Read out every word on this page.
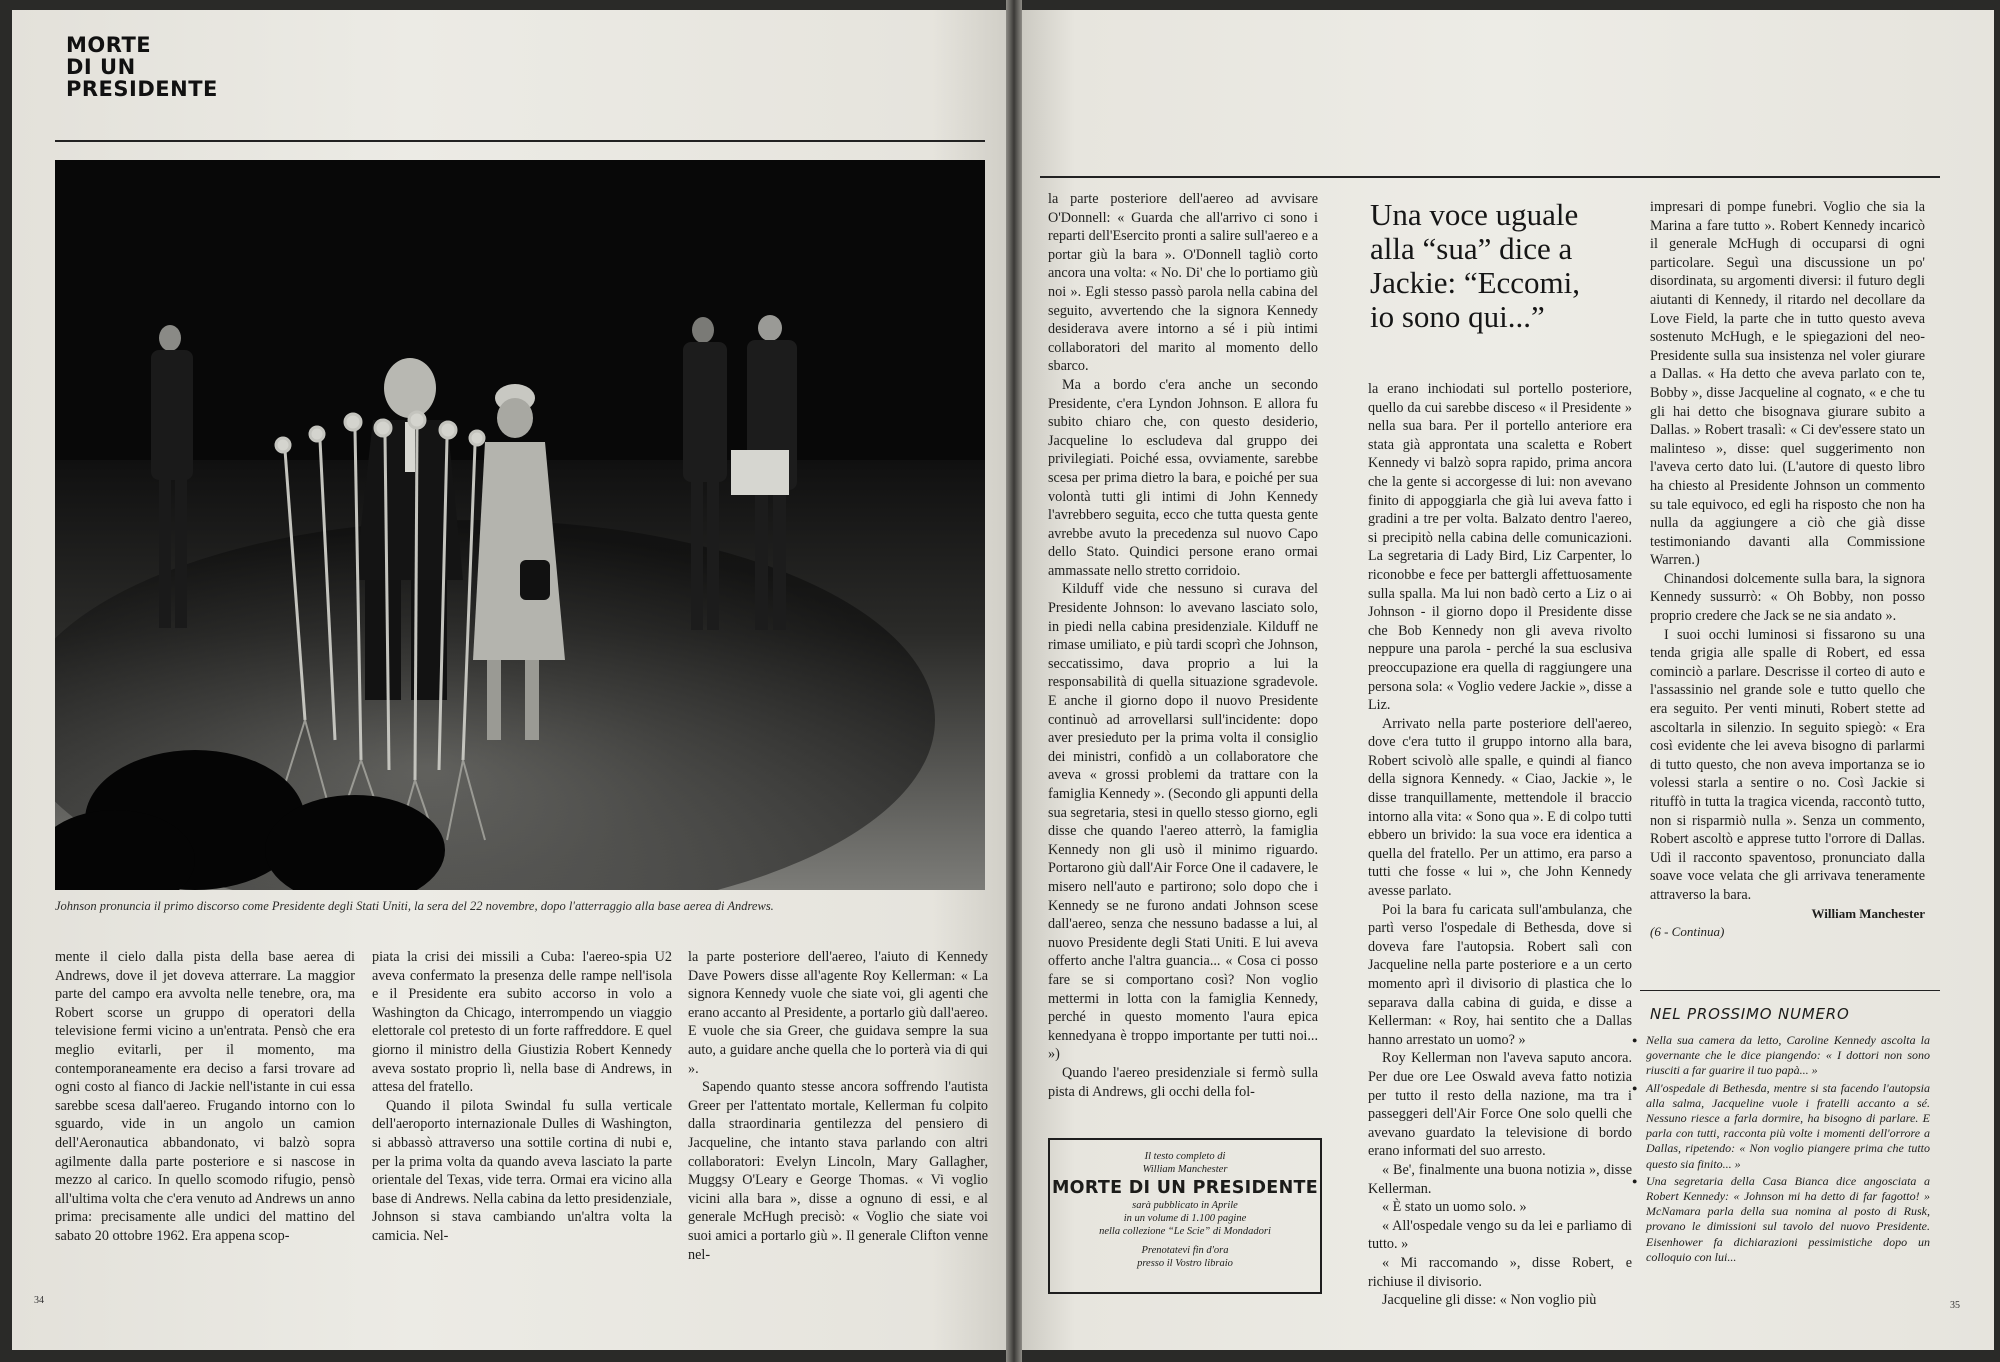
MORTE
DI UN
PRESIDENTE
Johnson pronuncia il primo discorso come Presidente degli Stati Uniti, la sera del 22 novembre, dopo l'atterraggio alla base aerea di Andrews.

mente il cielo dalla pista della base aerea di Andrews, dove il jet doveva atterrare. La maggior parte del campo era avvolta nelle tenebre, ora, ma Robert scorse un gruppo di operatori della televisione fermi vicino a un'entrata. Pensò che era meglio evitarli, per il momento, ma contemporaneamente era deciso a farsi trovare ad ogni costo al fianco di Jackie nell'istante in cui essa sarebbe scesa dall'aereo. Frugando intorno con lo sguardo, vide in un angolo un camion dell'Aeronautica abbandonato, vi balzò sopra agilmente dalla parte posteriore e si nascose in mezzo al carico. In quello scomodo rifugio, pensò all'ultima volta che c'era venuto ad Andrews un anno prima: precisamente alle undici del mattino del sabato 20 ottobre 1962. Era appena scop-

piata la crisi dei missili a Cuba: l'aereo-spia U2 aveva confermato la presenza delle rampe nell'isola e il Presidente era subito accorso in volo a Washington da Chicago, interrompendo un viaggio elettorale col pretesto di un forte raffreddore. E quel giorno il ministro della Giustizia Robert Kennedy aveva sostato proprio lì, nella base di Andrews, in attesa del fratello.

Quando il pilota Swindal fu sulla verticale dell'aeroporto internazionale Dulles di Washington, si abbassò attraverso una sottile cortina di nubi e, per la prima volta da quando aveva lasciato la parte orientale del Texas, vide terra. Ormai era vicino alla base di Andrews. Nella cabina da letto presidenziale, Johnson si stava cambiando un'altra volta la camicia. Nel-

la parte posteriore dell'aereo, l'aiuto di Kennedy Dave Powers disse all'agente Roy Kellerman: « La signora Kennedy vuole che siate voi, gli agenti che erano accanto al Presidente, a portarlo giù dall'aereo. E vuole che sia Greer, che guidava sempre la sua auto, a guidare anche quella che lo porterà via di qui ».

Sapendo quanto stesse ancora soffrendo l'autista Greer per l'attentato mortale, Kellerman fu colpito dalla straordinaria gentilezza del pensiero di Jacqueline, che intanto stava parlando con altri collaboratori: Evelyn Lincoln, Mary Gallagher, Muggsy O'Leary e George Thomas. « Vi voglio vicini alla bara », disse a ognuno di essi, e al generale McHugh precisò: « Voglio che siate voi suoi amici a portarlo giù ». Il generale Clifton venne nel-

34

la parte posteriore dell'aereo ad avvisare O'Donnell: « Guarda che all'arrivo ci sono i reparti dell'Esercito pronti a salire sull'aereo e a portar giù la bara ». O'Donnell tagliò corto ancora una volta: « No. Di' che lo portiamo giù noi ». Egli stesso passò parola nella cabina del seguito, avvertendo che la signora Kennedy desiderava avere intorno a sé i più intimi collaboratori del marito al momento dello sbarco.

Ma a bordo c'era anche un secondo Presidente, c'era Lyndon Johnson. E allora fu subito chiaro che, con questo desiderio, Jacqueline lo escludeva dal gruppo dei privilegiati. Poiché essa, ovviamente, sarebbe scesa per prima dietro la bara, e poiché per sua volontà tutti gli intimi di John Kennedy l'avrebbero seguita, ecco che tutta questa gente avrebbe avuto la precedenza sul nuovo Capo dello Stato. Quindici persone erano ormai ammassate nello stretto corridoio.

Kilduff vide che nessuno si curava del Presidente Johnson: lo avevano lasciato solo, in piedi nella cabina presidenziale. Kilduff ne rimase umiliato, e più tardi scoprì che Johnson, seccatissimo, dava proprio a lui la responsabilità di quella situazione sgradevole. E anche il giorno dopo il nuovo Presidente continuò ad arrovellarsi sull'incidente: dopo aver presieduto per la prima volta il consiglio dei ministri, confidò a un collaboratore che aveva « grossi problemi da trattare con la famiglia Kennedy ». (Secondo gli appunti della sua segretaria, stesi in quello stesso giorno, egli disse che quando l'aereo atterrò, la famiglia Kennedy non gli usò il minimo riguardo. Portarono giù dall'Air Force One il cadavere, le misero nell'auto e partirono; solo dopo che i Kennedy se ne furono andati Johnson scese dall'aereo, senza che nessuno badasse a lui, al nuovo Presidente degli Stati Uniti. E lui aveva offerto anche l'altra guancia... « Cosa ci posso fare se si comportano così? Non voglio mettermi in lotta con la famiglia Kennedy, perché in questo momento l'aura epica kennedyana è troppo importante per tutti noi... »)

Quando l'aereo presidenziale si fermò sulla pista di Andrews, gli occhi della fol-

Una voce uguale alla “sua” dice a Jackie: “Eccomi, io sono qui...”

la erano inchiodati sul portello posteriore, quello da cui sarebbe disceso « il Presidente » nella sua bara. Per il portello anteriore era stata già approntata una scaletta e Robert Kennedy vi balzò sopra rapido, prima ancora che la gente si accorgesse di lui: non avevano finito di appoggiarla che già lui aveva fatto i gradini a tre per volta. Balzato dentro l'aereo, si precipitò nella cabina delle comunicazioni. La segretaria di Lady Bird, Liz Carpenter, lo riconobbe e fece per battergli affettuosamente sulla spalla. Ma lui non badò certo a Liz o ai Johnson - il giorno dopo il Presidente disse che Bob Kennedy non gli aveva rivolto neppure una parola - perché la sua esclusiva preoccupazione era quella di raggiungere una persona sola: « Voglio vedere Jackie », disse a Liz.

Arrivato nella parte posteriore dell'aereo, dove c'era tutto il gruppo intorno alla bara, Robert scivolò alle spalle, e quindi al fianco della signora Kennedy. « Ciao, Jackie », le disse tranquillamente, mettendole il braccio intorno alla vita: « Sono qua ». E di colpo tutti ebbero un brivido: la sua voce era identica a quella del fratello. Per un attimo, era parso a tutti che fosse « lui », che John Kennedy avesse parlato.

Poi la bara fu caricata sull'ambulanza, che partì verso l'ospedale di Bethesda, dove si doveva fare l'autopsia. Robert salì con Jacqueline nella parte posteriore e a un certo momento aprì il divisorio di plastica che lo separava dalla cabina di guida, e disse a Kellerman: « Roy, hai sentito che a Dallas hanno arrestato un uomo? »

Roy Kellerman non l'aveva saputo ancora. Per due ore Lee Oswald aveva fatto notizia per tutto il resto della nazione, ma tra i passeggeri dell'Air Force One solo quelli che avevano guardato la televisione di bordo erano informati del suo arresto.

« Be', finalmente una buona notizia », disse Kellerman.

« È stato un uomo solo. »

« All'ospedale vengo su da lei e parliamo di tutto. »

« Mi raccomando », disse Robert, e richiuse il divisorio.

Jacqueline gli disse: « Non voglio più

impresari di pompe funebri. Voglio che sia la Marina a fare tutto ». Robert Kennedy incaricò il generale McHugh di occuparsi di ogni particolare. Seguì una discussione un po' disordinata, su argomenti diversi: il futuro degli aiutanti di Kennedy, il ritardo nel decollare da Love Field, la parte che in tutto questo aveva sostenuto McHugh, e le spiegazioni del neo-Presidente sulla sua insistenza nel voler giurare a Dallas. « Ha detto che aveva parlato con te, Bobby », disse Jacqueline al cognato, « e che tu gli hai detto che bisognava giurare subito a Dallas. » Robert trasalì: « Ci dev'essere stato un malinteso », disse: quel suggerimento non l'aveva certo dato lui. (L'autore di questo libro ha chiesto al Presidente Johnson un commento su tale equivoco, ed egli ha risposto che non ha nulla da aggiungere a ciò che già disse testimoniando davanti alla Commissione Warren.)

Chinandosi dolcemente sulla bara, la signora Kennedy sussurrò: « Oh Bobby, non posso proprio credere che Jack se ne sia andato ».

I suoi occhi luminosi si fissarono su una tenda grigia alle spalle di Robert, ed essa cominciò a parlare. Descrisse il corteo di auto e l'assassinio nel grande sole e tutto quello che era seguito. Per venti minuti, Robert stette ad ascoltarla in silenzio. In seguito spiegò: « Era così evidente che lei aveva bisogno di parlarmi di tutto questo, che non aveva importanza se io volessi starla a sentire o no. Così Jackie si rituffò in tutta la tragica vicenda, raccontò tutto, non si risparmiò nulla ». Senza un commento, Robert ascoltò e apprese tutto l'orrore di Dallas. Udì il racconto spaventoso, pronunciato dalla soave voce velata che gli arrivava teneramente attraverso la bara.

William Manchester

(6 - Continua)

NEL PROSSIMO NUMERO
● Nella sua camera da letto, Caroline Kennedy ascolta la governante che le dice piangendo: « I dottori non sono riusciti a far guarire il tuo papà... »
● All'ospedale di Bethesda, mentre si sta facendo l'autopsia alla salma, Jacqueline vuole i fratelli accanto a sé. Nessuno riesce a farla dormire, ha bisogno di parlare. E parla con tutti, racconta più volte i momenti dell'orrore a Dallas, ripetendo: « Non voglio piangere prima che tutto questo sia finito... »
● Una segretaria della Casa Bianca dice angosciata a Robert Kennedy: « Johnson mi ha detto di far fagotto! » McNamara parla della sua nomina al posto di Rusk, provano le dimissioni sul tavolo del nuovo Presidente. Eisenhower fa dichiarazioni pessimistiche dopo un colloquio con lui...
Il testo completo di
William Manchester
MORTE DI UN PRESIDENTE
sarà pubblicato in Aprile
in un volume di 1.100 pagine
nella collezione “Le Scie” di Mondadori
Prenotatevi fin d'ora
presso il Vostro libraio
35
